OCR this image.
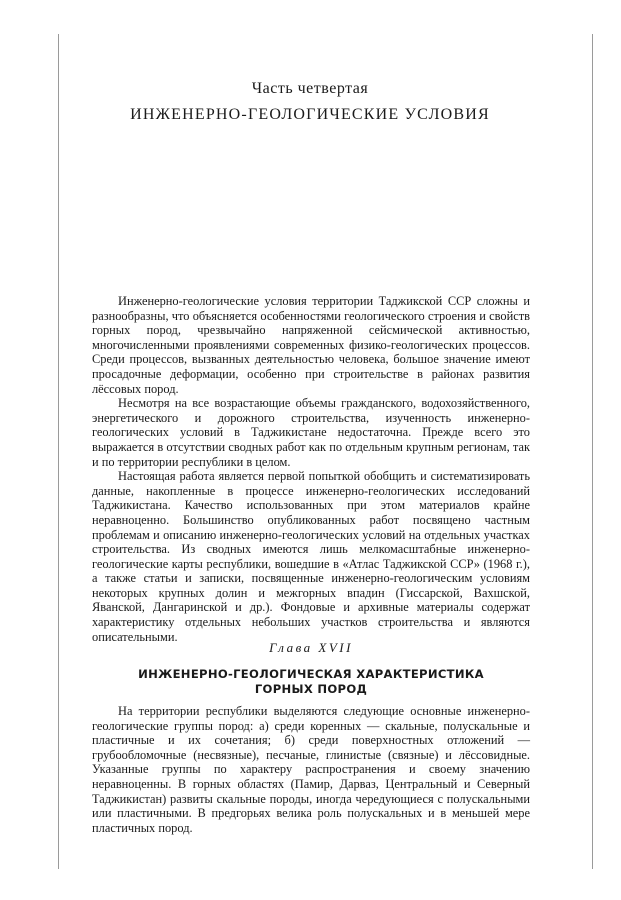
Часть четвертая
ИНЖЕНЕРНО-ГЕОЛОГИЧЕСКИЕ УСЛОВИЯ

Инженерно-геологические условия территории Таджикской ССР сложны и разнообразны, что объясняется особенностями геологического строения и свойств горных пород, чрезвычайно напряженной сейсмической активностью, многочисленными проявлениями современных физико-геологических процессов. Среди процессов, вызванных деятельностью человека, большое значение имеют просадочные деформации, особенно при строительстве в районах развития лёссовых пород.

Несмотря на все возрастающие объемы гражданского, водохозяйственного, энергетического и дорожного строительства, изученность инженерно-геологических условий в Таджикистане недостаточна. Прежде всего это выражается в отсутствии сводных работ как по отдельным крупным регионам, так и по территории республики в целом.

Настоящая работа является первой попыткой обобщить и систематизировать данные, накопленные в процессе инженерно-геологических исследований Таджикистана. Качество использованных при этом материалов крайне неравноценно. Большинство опубликованных работ посвящено частным проблемам и описанию инженерно-геологических условий на отдельных участках строительства. Из сводных имеются лишь мелкомасштабные инженерно-геологические карты республики, вошедшие в «Атлас Таджикской ССР» (1968 г.), а также статьи и записки, посвященные инженерно-геологическим условиям некоторых крупных долин и межгорных впадин (Гиссарской, Вахшской, Яванской, Дангаринской и др.). Фондовые и архивные материалы содержат характеристику отдельных небольших участков строительства и являются описательными.

Глава XVII
ИНЖЕНЕРНО-ГЕОЛОГИЧЕСКАЯ ХАРАКТЕРИСТИКА
ГОРНЫХ ПОРОД

На территории республики выделяются следующие основные инженерно-геологические группы пород: а) среди коренных — скальные, полускальные и пластичные и их сочетания; б) среди поверхностных отложений — грубообломочные (несвязные), песчаные, глинистые (связные) и лёссовидные. Указанные группы по характеру распространения и своему значению неравноценны. В горных областях (Памир, Дарваз, Центральный и Северный Таджикистан) развиты скальные породы, иногда чередующиеся с полускальными или пластичными. В предгорьях велика роль полускальных и в меньшей мере пластичных пород.
